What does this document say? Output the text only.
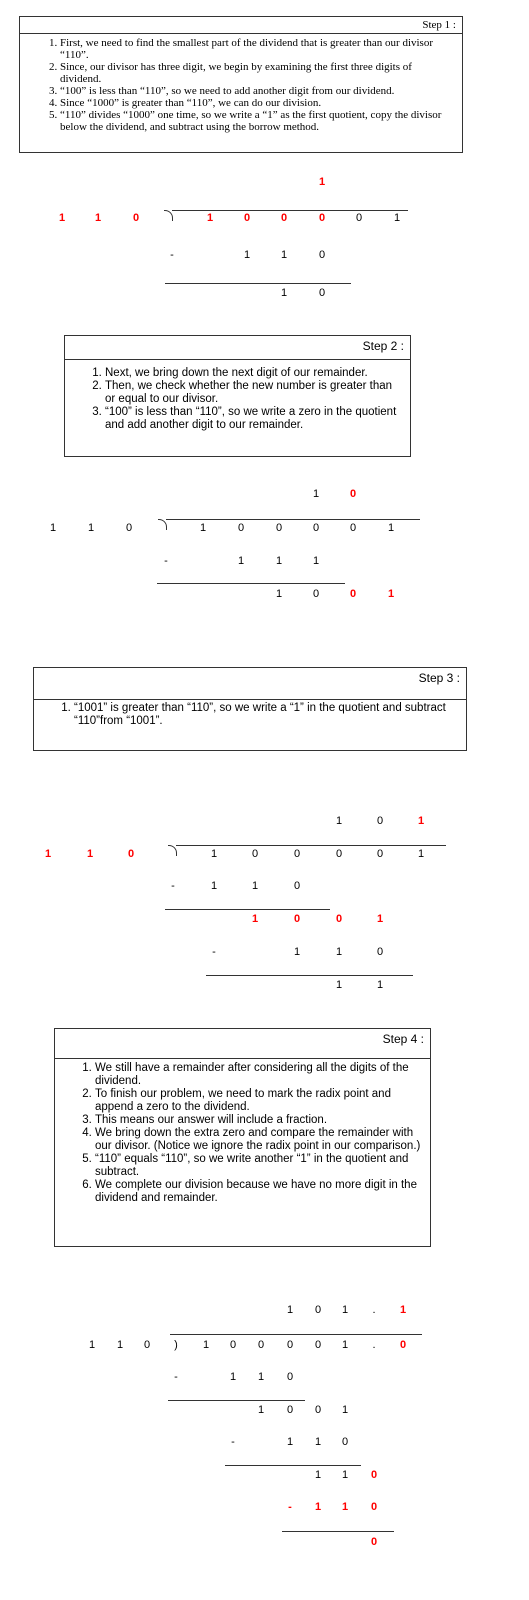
Step 1 :
1. First, we need to find the smallest part of the dividend that is greater than our divisor “110”.
2. Since, our divisor has three digit, we begin by examining the first three digits of dividend.
3. “100” is less than “110”, so we need to add another digit from our dividend.
4. Since “1000” is greater than “110”, we can do our division.
5. “110” divides “1000” one time, so we write a “1” as the first quotient, copy the divisor below the dividend, and subtract using the borrow method.
1
1	1	0	1	0	0	0	0	1
-	1	1	0
1	0
Step 2 :
1. Next, we bring down the next digit of our remainder.
2. Then, we check whether the new number is greater than or equal to our divisor.
3. “100” is less than “110”, so we write a zero in the quotient and add another digit to our remainder.
1	0
1	1	0	1	0	0	0	0	1
-	1	1	1
1	0	0	1
Step 3 :
1. “1001” is greater than “110”, so we write a “1” in the quotient and subtract “110”from “1001”.
1	0	1
1	1	0	1	0	0	0	0	1
-	1	1	0
1	0	0	1
-	1	1	0
1	1
Step 4 :
1. We still have a remainder after considering all the digits of the dividend.
2. To finish our problem, we need to mark the radix point and append a zero to the dividend.
3. This means our answer will include a fraction.
4. We bring down the extra zero and compare the remainder with our divisor. (Notice we ignore the radix point in our comparison.)
5. “110” equals “110”, so we write another “1” in the quotient and subtract.
6. We complete our division because we have no more digit in the dividend and remainder.
1 0 1 . 1
1 1 0 ) 1 0 0 0 0 1 . 0
-	1 1 0
1 0 0 1
-	1 1 0
1 1 0
- 1 1 0
0
